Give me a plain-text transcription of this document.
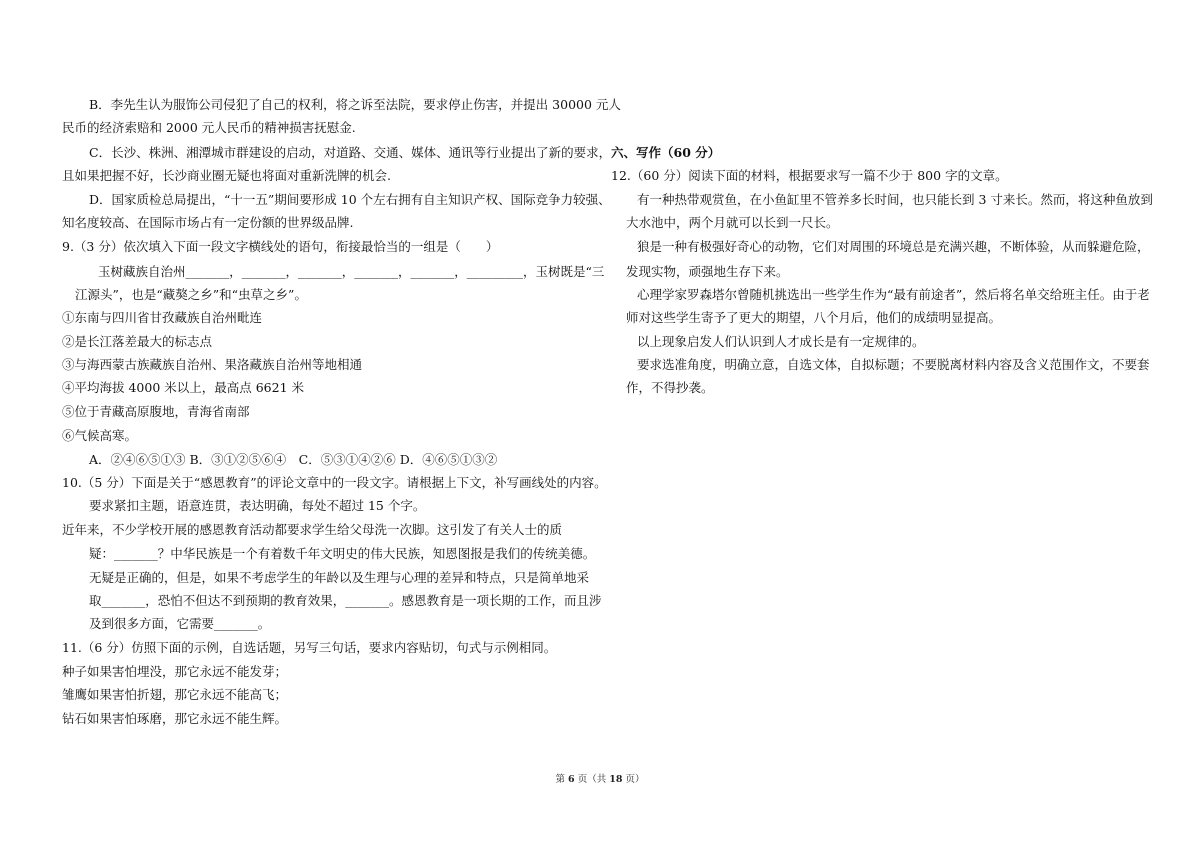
B．李先生认为服饰公司侵犯了自己的权利，将之诉至法院，要求停止伤害，并提出 30000 元人
民币的经济索赔和 2000 元人民币的精神损害抚慰金.
C．长沙、株洲、湘潭城市群建设的启动，对道路、交通、媒体、通讯等行业提出了新的要求，
且如果把握不好，长沙商业圈无疑也将面对重新洗牌的机会.
D．国家质检总局提出，“十一五”期间要形成 10 个左右拥有自主知识产权、国际竞争力较强、
知名度较高、在国际市场占有一定份额的世界级品牌.
9.（3 分）依次填入下面一段文字横线处的语句，衔接最恰当的一组是（　　）
玉树藏族自治州_______，_______，_______，_______，_______，_________，玉树既是“三
江源头”，也是“藏獒之乡”和“虫草之乡”。
①东南与四川省甘孜藏族自治州毗连
②是长江落差最大的标志点
③与海西蒙古族藏族自治州、果洛藏族自治州等地相通
④平均海拔 4000 米以上，最高点 6621 米
⑤位于青藏高原腹地，青海省南部
⑥气候高寒。
A．②④⑥⑤①③ B．③①②⑤⑥④　C．⑤③①④②⑥ D．④⑥⑤①③②
10.（5 分）下面是关于“感恩教育”的评论文章中的一段文字。请根据上下文，补写画线处的内容。
要求紧扣主题，语意连贯，表达明确，每处不超过 15 个字。
近年来，不少学校开展的感恩教育活动都要求学生给父母洗一次脚。这引发了有关人士的质
疑：_______？中华民族是一个有着数千年文明史的伟大民族，知恩图报是我们的传统美德。
无疑是正确的，但是，如果不考虑学生的年龄以及生理与心理的差异和特点，只是简单地采
取_______，恐怕不但达不到预期的教育效果，_______。感恩教育是一项长期的工作，而且涉
及到很多方面，它需要_______。
11.（6 分）仿照下面的示例，自选话题，另写三句话，要求内容贴切，句式与示例相同。
种子如果害怕埋没，那它永远不能发芽；
雏鹰如果害怕折翅，那它永远不能高飞；
钻石如果害怕琢磨，那它永远不能生辉。
六、写作（60 分）
12.（60 分）阅读下面的材料，根据要求写一篇不少于 800 字的文章。
有一种热带观赏鱼，在小鱼缸里不管养多长时间，也只能长到 3 寸来长。然而，将这种鱼放到
大水池中，两个月就可以长到一尺长。
狼是一种有极强好奇心的动物，它们对周围的环境总是充满兴趣，不断体验，从而躲避危险，
发现实物，顽强地生存下来。
心理学家罗森塔尔曾随机挑选出一些学生作为“最有前途者”，然后将名单交给班主任。由于老
师对这些学生寄予了更大的期望，八个月后，他们的成绩明显提高。
以上现象启发人们认识到人才成长是有一定规律的。
要求选准角度，明确立意，自选文体，自拟标题；不要脱离材料内容及含义范围作文，不要套
作，不得抄袭。
第 6 页（共 18 页）
